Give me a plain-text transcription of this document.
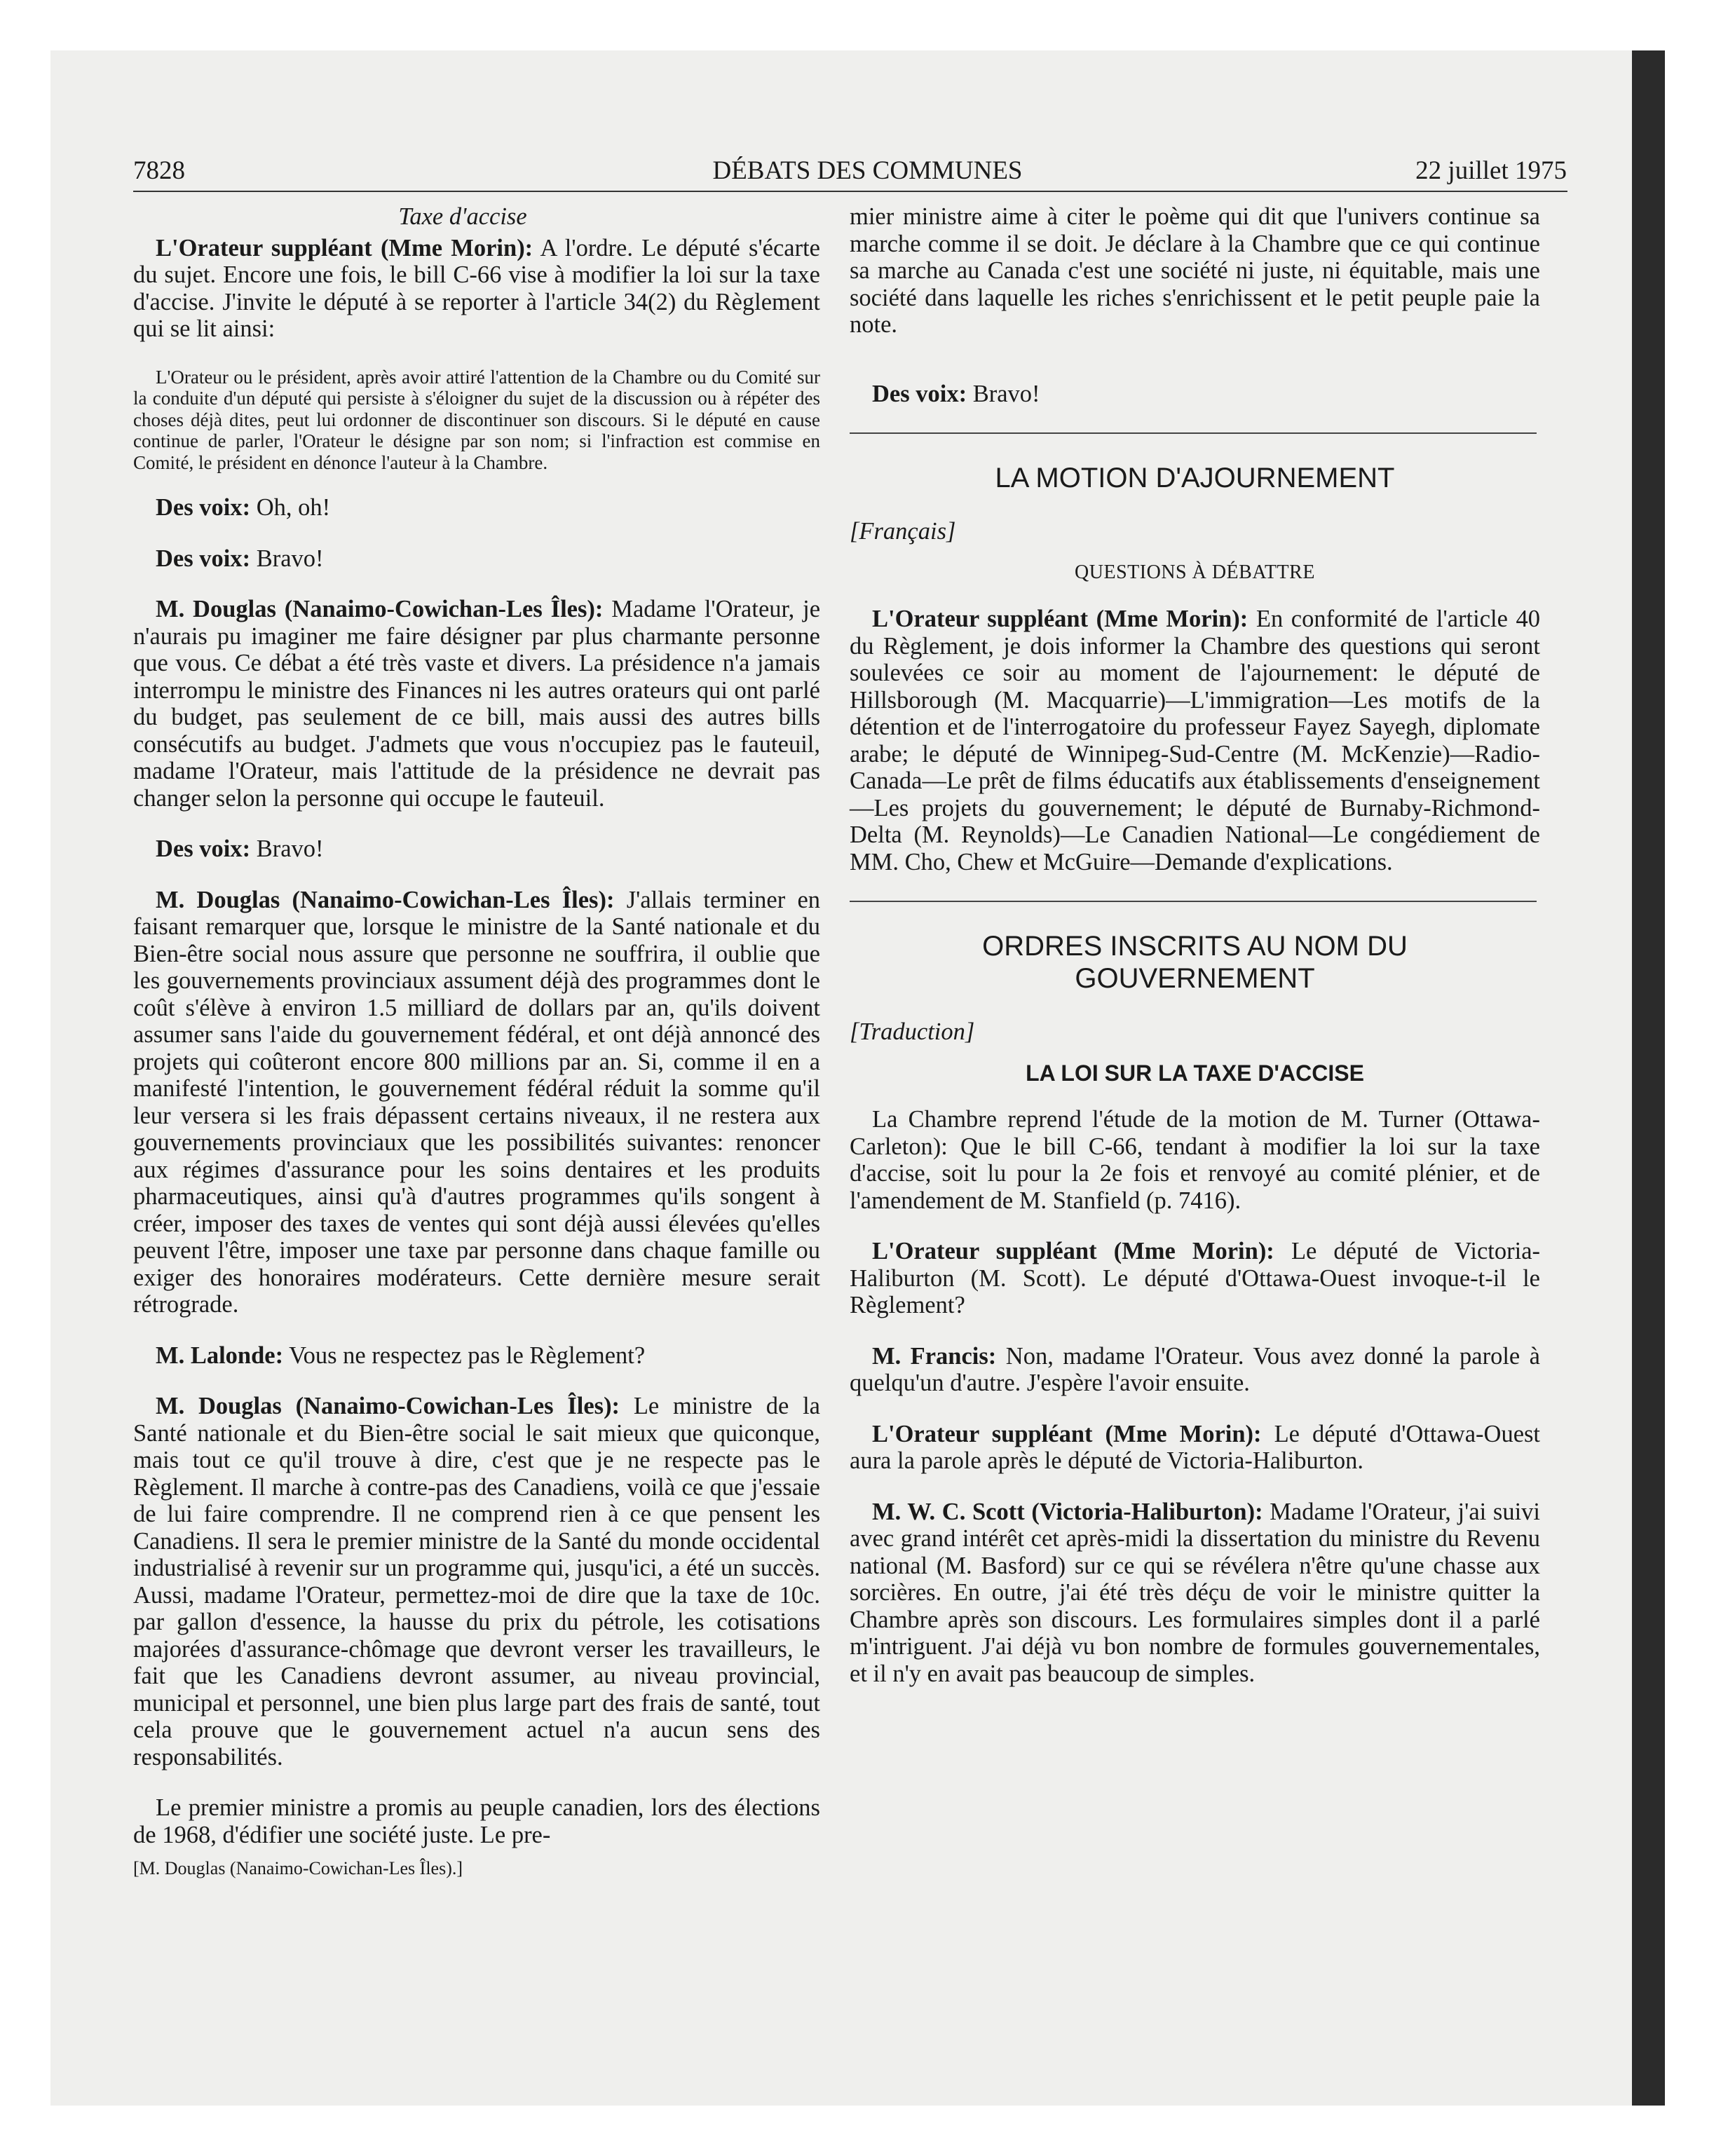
7828	DÉBATS DES COMMUNES	22 juillet 1975
Taxe d'accise

L'Orateur suppléant (Mme Morin): A l'ordre. Le député s'écarte du sujet. Encore une fois, le bill C-66 vise à modifier la loi sur la taxe d'accise. J'invite le député à se reporter à l'article 34(2) du Règlement qui se lit ainsi:

L'Orateur ou le président, après avoir attiré l'attention de la Chambre ou du Comité sur la conduite d'un député qui persiste à s'éloigner du sujet de la discussion ou à répéter des choses déjà dites, peut lui ordonner de discontinuer son discours. Si le député en cause continue de parler, l'Orateur le désigne par son nom; si l'infraction est commise en Comité, le président en dénonce l'auteur à la Chambre.

Des voix: Oh, oh!

Des voix: Bravo!

M. Douglas (Nanaimo-Cowichan-Les Îles): Madame l'Orateur, je n'aurais pu imaginer me faire désigner par plus charmante personne que vous. Ce débat a été très vaste et divers. La présidence n'a jamais interrompu le ministre des Finances ni les autres orateurs qui ont parlé du budget, pas seulement de ce bill, mais aussi des autres bills consécutifs au budget. J'admets que vous n'occupiez pas le fauteuil, madame l'Orateur, mais l'attitude de la présidence ne devrait pas changer selon la personne qui occupe le fauteuil.

Des voix: Bravo!

M. Douglas (Nanaimo-Cowichan-Les Îles): J'allais terminer en faisant remarquer que, lorsque le ministre de la Santé nationale et du Bien-être social nous assure que personne ne souffrira, il oublie que les gouvernements provinciaux assument déjà des programmes dont le coût s'élève à environ 1.5 milliard de dollars par an, qu'ils doivent assumer sans l'aide du gouvernement fédéral, et ont déjà annoncé des projets qui coûteront encore 800 millions par an. Si, comme il en a manifesté l'intention, le gouvernement fédéral réduit la somme qu'il leur versera si les frais dépassent certains niveaux, il ne restera aux gouvernements provinciaux que les possibilités suivantes: renoncer aux régimes d'assurance pour les soins dentaires et les produits pharmaceutiques, ainsi qu'à d'autres programmes qu'ils songent à créer, imposer des taxes de ventes qui sont déjà aussi élevées qu'elles peuvent l'être, imposer une taxe par personne dans chaque famille ou exiger des honoraires modérateurs. Cette dernière mesure serait rétrograde.

M. Lalonde: Vous ne respectez pas le Règlement?

M. Douglas (Nanaimo-Cowichan-Les Îles): Le ministre de la Santé nationale et du Bien-être social le sait mieux que quiconque, mais tout ce qu'il trouve à dire, c'est que je ne respecte pas le Règlement. Il marche à contre-pas des Canadiens, voilà ce que j'essaie de lui faire comprendre. Il ne comprend rien à ce que pensent les Canadiens. Il sera le premier ministre de la Santé du monde occidental industrialisé à revenir sur un programme qui, jusqu'ici, a été un succès. Aussi, madame l'Orateur, permettez-moi de dire que la taxe de 10c. par gallon d'essence, la hausse du prix du pétrole, les cotisations majorées d'assurance-chômage que devront verser les travailleurs, le fait que les Canadiens devront assumer, au niveau provincial, municipal et personnel, une bien plus large part des frais de santé, tout cela prouve que le gouvernement actuel n'a aucun sens des responsabilités.

Le premier ministre a promis au peuple canadien, lors des élections de 1968, d'édifier une société juste. Le pre-

[M. Douglas (Nanaimo-Cowichan-Les Îles).]

mier ministre aime à citer le poème qui dit que l'univers continue sa marche comme il se doit. Je déclare à la Chambre que ce qui continue sa marche au Canada c'est une société ni juste, ni équitable, mais une société dans laquelle les riches s'enrichissent et le petit peuple paie la note.

Des voix: Bravo!

LA MOTION D'AJOURNEMENT
[Français]
QUESTIONS À DÉBATTRE

L'Orateur suppléant (Mme Morin): En conformité de l'article 40 du Règlement, je dois informer la Chambre des questions qui seront soulevées ce soir au moment de l'ajournement: le député de Hillsborough (M. Macquarrie)—L'immigration—Les motifs de la détention et de l'interrogatoire du professeur Fayez Sayegh, diplomate arabe; le député de Winnipeg-Sud-Centre (M. McKenzie)—Radio-Canada—Le prêt de films éducatifs aux établissements d'enseignement—Les projets du gouvernement; le député de Burnaby-Richmond-Delta (M. Reynolds)—Le Canadien National—Le congédiement de MM. Cho, Chew et McGuire—Demande d'explications.

ORDRES INSCRITS AU NOM DU
GOUVERNEMENT
[Traduction]
LA LOI SUR LA TAXE D'ACCISE

La Chambre reprend l'étude de la motion de M. Turner (Ottawa-Carleton): Que le bill C-66, tendant à modifier la loi sur la taxe d'accise, soit lu pour la 2e fois et renvoyé au comité plénier, et de l'amendement de M. Stanfield (p. 7416).

L'Orateur suppléant (Mme Morin): Le député de Victoria-Haliburton (M. Scott). Le député d'Ottawa-Ouest invoque-t-il le Règlement?

M. Francis: Non, madame l'Orateur. Vous avez donné la parole à quelqu'un d'autre. J'espère l'avoir ensuite.

L'Orateur suppléant (Mme Morin): Le député d'Ottawa-Ouest aura la parole après le député de Victoria-Haliburton.

M. W. C. Scott (Victoria-Haliburton): Madame l'Orateur, j'ai suivi avec grand intérêt cet après-midi la dissertation du ministre du Revenu national (M. Basford) sur ce qui se révélera n'être qu'une chasse aux sorcières. En outre, j'ai été très déçu de voir le ministre quitter la Chambre après son discours. Les formulaires simples dont il a parlé m'intriguent. J'ai déjà vu bon nombre de formules gouvernementales, et il n'y en avait pas beaucoup de simples.
